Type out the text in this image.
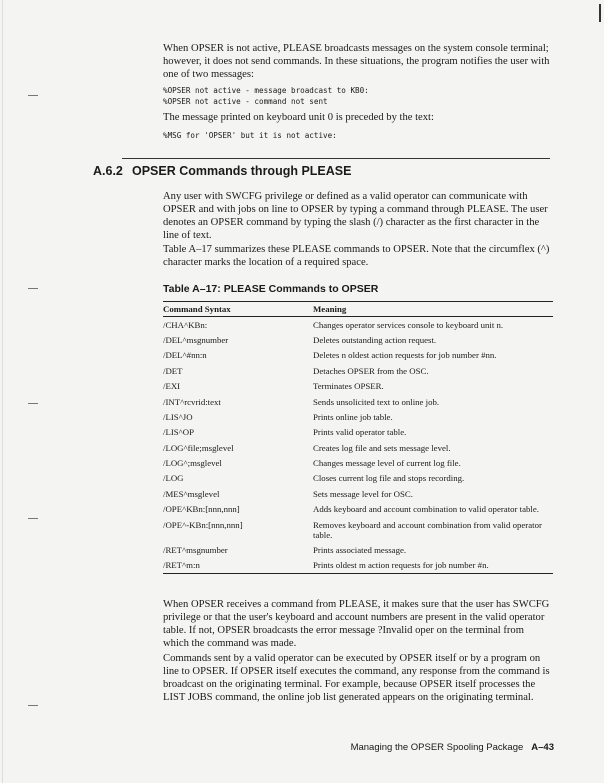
When OPSER is not active, PLEASE broadcasts messages on the system console terminal; however, it does not send commands. In these situations, the program notifies the user with one of two messages:

%OPSER not active - message broadcast to KB0:

%OPSER not active - command not sent

The message printed on keyboard unit 0 is preceded by the text:

%MSG for 'OPSER' but it is not active:

A.6.2 OPSER Commands through PLEASE

Any user with SWCFG privilege or defined as a valid operator can communicate with OPSER and with jobs on line to OPSER by typing a command through PLEASE. The user denotes an OPSER command by typing the slash (/) character as the first character in the line of text.

Table A–17 summarizes these PLEASE commands to OPSER. Note that the circumflex (^) character marks the location of a required space.

Table A–17: PLEASE Commands to OPSER
Command Syntax	Meaning
/CHA^KBn:	Changes operator services console to keyboard unit n.
/DEL^msgnumber	Deletes outstanding action request.
/DEL^#nn:n	Deletes n oldest action requests for job number #nn.
/DET	Detaches OPSER from the OSC.
/EXI	Terminates OPSER.
/INT^rcvrid:text	Sends unsolicited text to online job.
/LIS^JO	Prints online job table.
/LIS^OP	Prints valid operator table.
/LOG^file;msglevel	Creates log file and sets message level.
/LOG^;msglevel	Changes message level of current log file.
/LOG	Closes current log file and stops recording.
/MES^msglevel	Sets message level for OSC.
/OPE^KBn:[nnn,nnn]	Adds keyboard and account combination to valid operator table.
/OPE^-KBn:[nnn,nnn]	Removes keyboard and account combination from valid operator table.
/RET^msgnumber	Prints associated message.
/RET^m:n	Prints oldest m action requests for job number #n.

When OPSER receives a command from PLEASE, it makes sure that the user has SWCFG privilege or that the user's keyboard and account numbers are present in the valid operator table. If not, OPSER broadcasts the error message ?Invalid oper on the terminal from which the command was made.

Commands sent by a valid operator can be executed by OPSER itself or by a program on line to OPSER. If OPSER itself executes the command, any response from the command is broadcast on the originating terminal. For example, because OPSER itself processes the LIST JOBS command, the online job list generated appears on the originating terminal.

Managing the OPSER Spooling Package A–43
